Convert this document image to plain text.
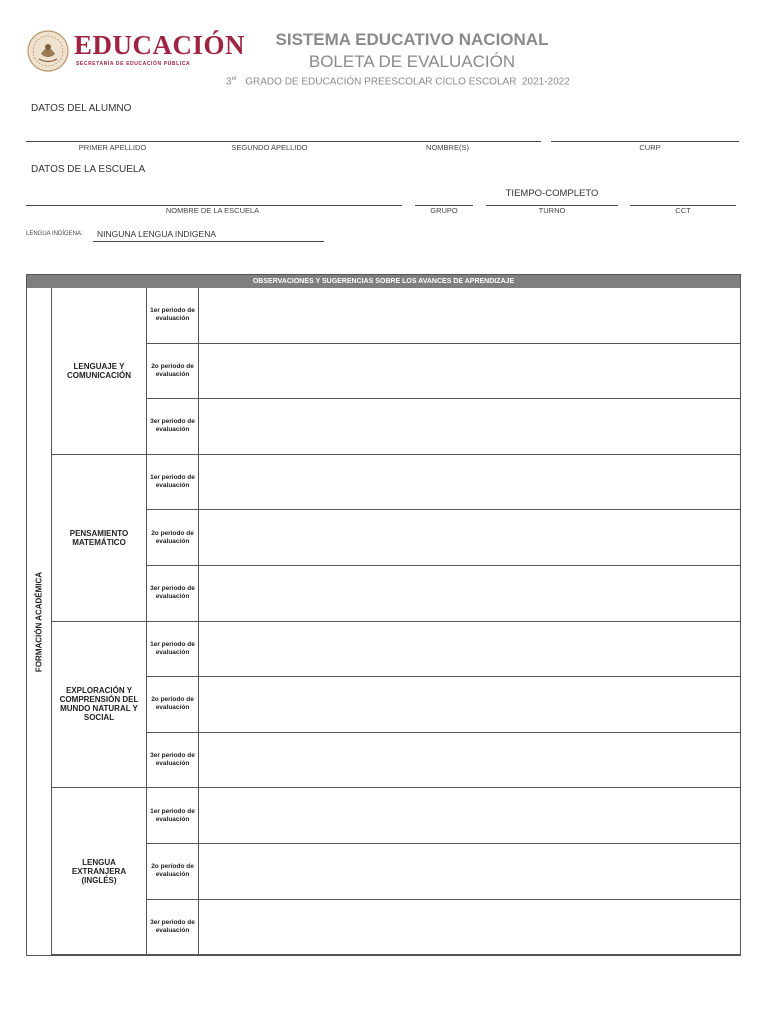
EDUCACIÓN
SECRETARÍA DE EDUCACIÓN PÚBLICA
SISTEMA EDUCATIVO NACIONAL
BOLETA DE EVALUACIÓN
3er GRADO DE EDUCACIÓN PREESCOLAR CICLO ESCOLAR 2021-2022
DATOS DEL ALUMNO
PRIMER APELLIDO	SEGUNDO APELLIDO	NOMBRE(S)	CURP
DATOS DE LA ESCUELA
TIEMPO-COMPLETO
NOMBRE DE LA ESCUELA	GRUPO	TURNO	CCT
LENGUA INDÍGENA: NINGUNA LENGUA INDIGENA
OBSERVACIONES Y SUGERENCIAS SOBRE LOS AVANCES DE APRENDIZAJE
FORMACIÓN ACADÉMICA
LENGUAJE Y COMUNICACIÓN
1er periodo de evaluación
2o periodo de evaluación
3er periodo de evaluación
PENSAMIENTO MATEMÁTICO
1er periodo de evaluación
2o periodo de evaluación
3er periodo de evaluación
EXPLORACIÓN Y COMPRENSIÓN DEL MUNDO NATURAL Y SOCIAL
1er periodo de evaluación
2o periodo de evaluación
3er periodo de evaluación
LENGUA EXTRANJERA (INGLÉS)
1er periodo de evaluación
2o periodo de evaluación
3er periodo de evaluación
